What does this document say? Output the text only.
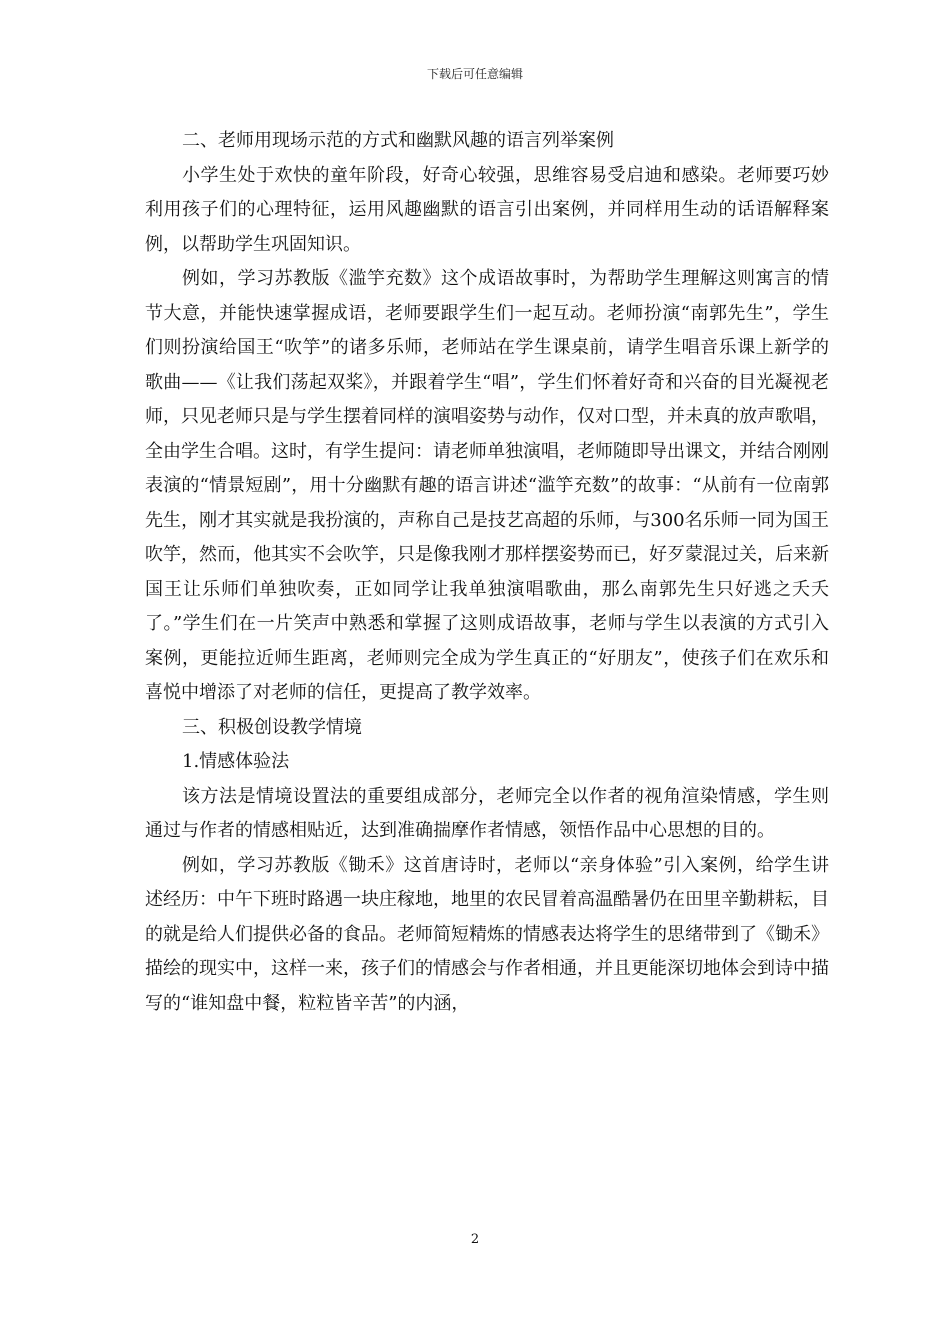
下载后可任意编辑

二、老师用现场示范的方式和幽默风趣的语言列举案例

小学生处于欢快的童年阶段，好奇心较强，思维容易受启迪和感染。老师要巧妙利用孩子们的心理特征，运用风趣幽默的语言引出案例，并同样用生动的话语解释案例，以帮助学生巩固知识。

例如，学习苏教版《滥竽充数》这个成语故事时，为帮助学生理解这则寓言的情节大意，并能快速掌握成语，老师要跟学生们一起互动。老师扮演“南郭先生”，学生们则扮演给国王“吹竽”的诸多乐师，老师站在学生课桌前，请学生唱音乐课上新学的歌曲——《让我们荡起双桨》，并跟着学生“唱”，学生们怀着好奇和兴奋的目光凝视老师，只见老师只是与学生摆着同样的演唱姿势与动作，仅对口型，并未真的放声歌唱，全由学生合唱。这时，有学生提问：请老师单独演唱，老师随即导出课文，并结合刚刚表演的“情景短剧”，用十分幽默有趣的语言讲述“滥竽充数”的故事：“从前有一位南郭先生，刚才其实就是我扮演的，声称自己是技艺高超的乐师，与300名乐师一同为国王吹竽，然而，他其实不会吹竽，只是像我刚才那样摆姿势而已，好歹蒙混过关，后来新国王让乐师们单独吹奏，正如同学让我单独演唱歌曲，那么南郭先生只好逃之夭夭了。”学生们在一片笑声中熟悉和掌握了这则成语故事，老师与学生以表演的方式引入案例，更能拉近师生距离，老师则完全成为学生真正的“好朋友”，使孩子们在欢乐和喜悦中增添了对老师的信任，更提高了教学效率。

三、积极创设教学情境

1.情感体验法

该方法是情境设置法的重要组成部分，老师完全以作者的视角渲染情感，学生则通过与作者的情感相贴近，达到准确揣摩作者情感，领悟作品中心思想的目的。

例如，学习苏教版《锄禾》这首唐诗时，老师以“亲身体验”引入案例，给学生讲述经历：中午下班时路遇一块庄稼地，地里的农民冒着高温酷暑仍在田里辛勤耕耘，目的就是给人们提供必备的食品。老师简短精炼的情感表达将学生的思绪带到了《锄禾》描绘的现实中，这样一来，孩子们的情感会与作者相通，并且更能深切地体会到诗中描写的“谁知盘中餐，粒粒皆辛苦”的内涵，

2
